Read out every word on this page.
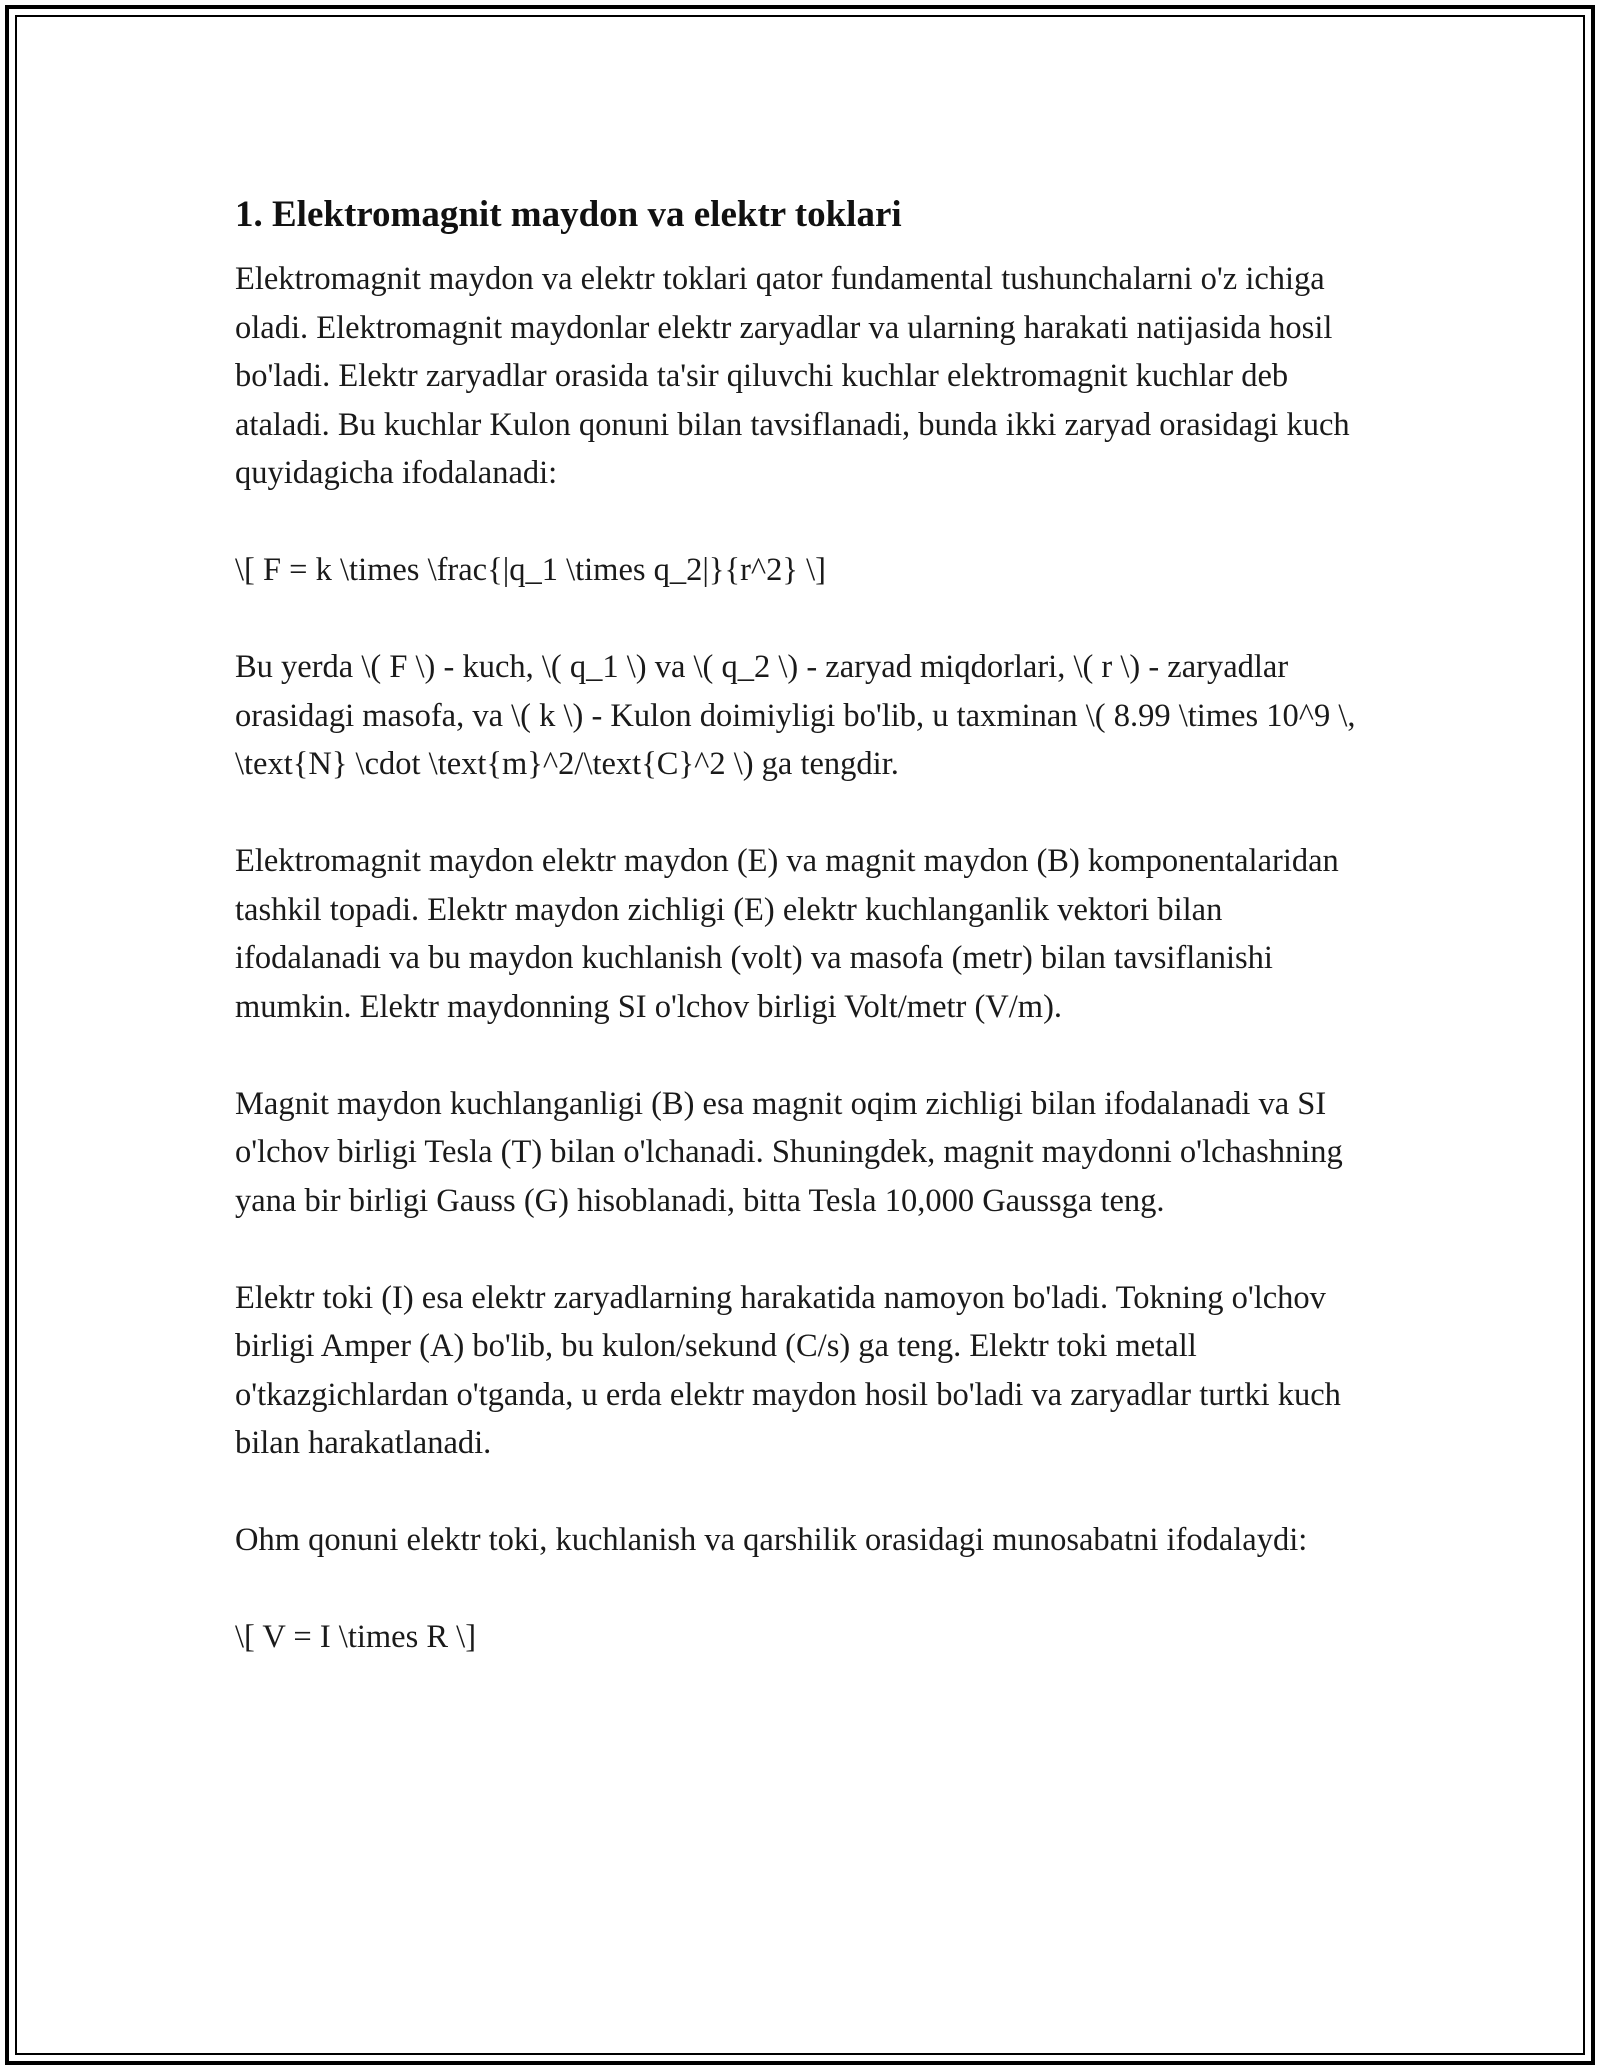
1. Elektromagnit maydon va elektr toklari

Elektromagnit maydon va elektr toklari qator fundamental tushunchalarni o'z ichiga oladi. Elektromagnit maydonlar elektr zaryadlar va ularning harakati natijasida hosil bo'ladi. Elektr zaryadlar orasida ta'sir qiluvchi kuchlar elektromagnit kuchlar deb ataladi. Bu kuchlar Kulon qonuni bilan tavsiflanadi, bunda ikki zaryad orasidagi kuch quyidagicha ifodalanadi:

\[ F = k \times \frac{|q_1 \times q_2|}{r^2} \]

Bu yerda \( F \) - kuch, \( q_1 \) va \( q_2 \) - zaryad miqdorlari, \( r \) - zaryadlar orasidagi masofa, va \( k \) - Kulon doimiyligi bo'lib, u taxminan \( 8.99 \times 10^9 \, \text{N} \cdot \text{m}^2/\text{C}^2 \) ga tengdir.

Elektromagnit maydon elektr maydon (E) va magnit maydon (B) komponentalaridan tashkil topadi. Elektr maydon zichligi (E) elektr kuchlanganlik vektori bilan ifodalanadi va bu maydon kuchlanish (volt) va masofa (metr) bilan tavsiflanishi mumkin. Elektr maydonning SI o'lchov birligi Volt/metr (V/m).

Magnit maydon kuchlanganligi (B) esa magnit oqim zichligi bilan ifodalanadi va SI o'lchov birligi Tesla (T) bilan o'lchanadi. Shuningdek, magnit maydonni o'lchashning yana bir birligi Gauss (G) hisoblanadi, bitta Tesla 10,000 Gaussga teng.

Elektr toki (I) esa elektr zaryadlarning harakatida namoyon bo'ladi. Tokning o'lchov birligi Amper (A) bo'lib, bu kulon/sekund (C/s) ga teng. Elektr toki metall o'tkazgichlardan o'tganda, u erda elektr maydon hosil bo'ladi va zaryadlar turtki kuch bilan harakatlanadi.

Ohm qonuni elektr toki, kuchlanish va qarshilik orasidagi munosabatni ifodalaydi:

\[ V = I \times R \]
